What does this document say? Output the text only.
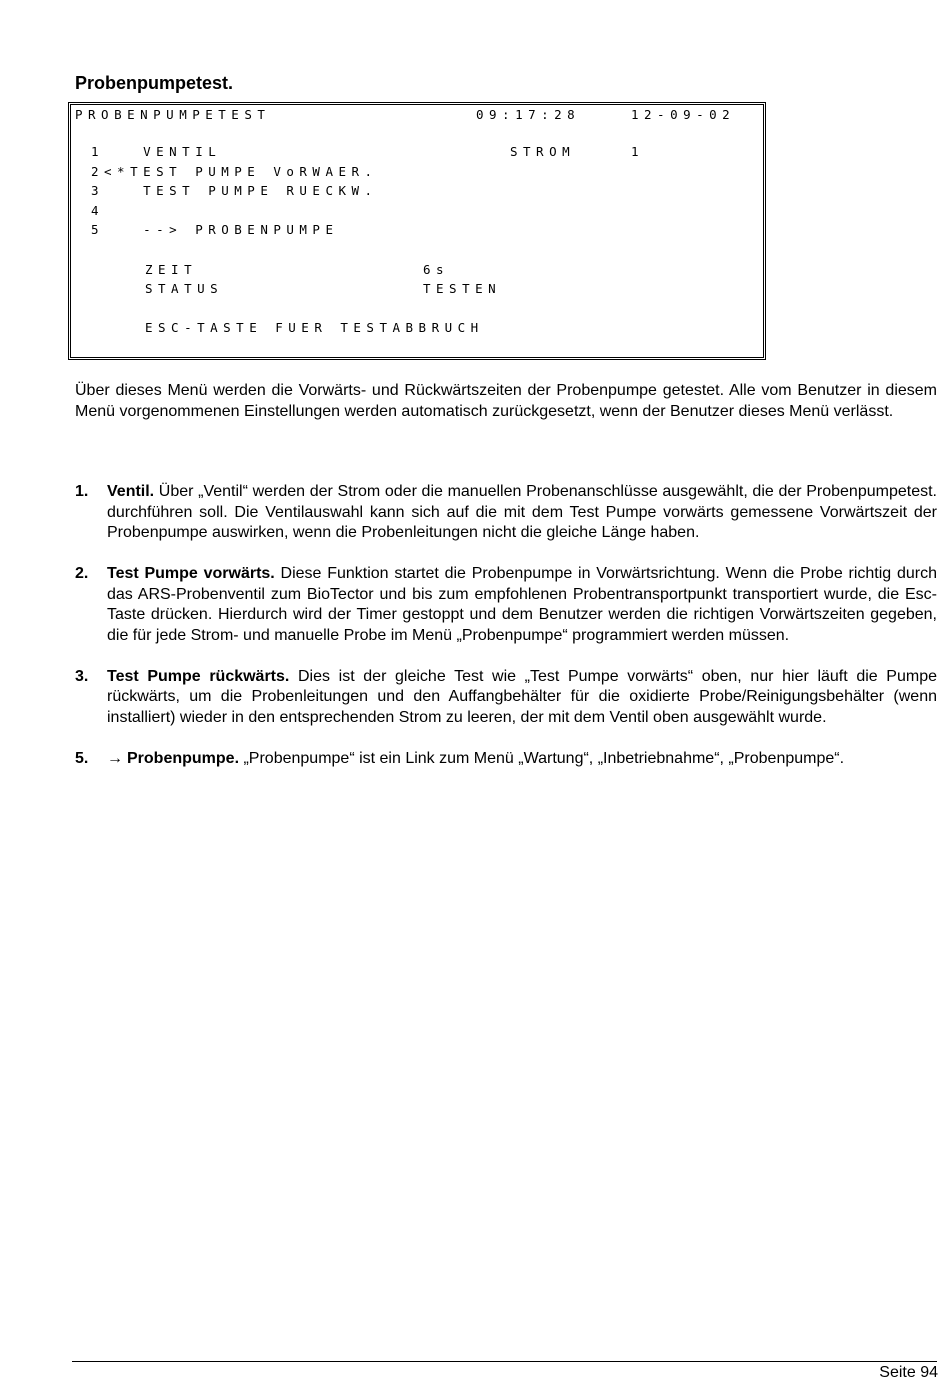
Probenpumpetest.
PROBENPUMPETEST	09:17:28	12-09-02
1   VENTIL	STROM	1
2<*TEST PUMPE VoRWAER.
3   TEST PUMPE RUECKW.
4
5   --> PROBENPUMPE
ZEIT	6s
STATUS	TESTEN
ESC-TASTE FUER TESTABBRUCH

Über dieses Menü werden die Vorwärts- und Rückwärtszeiten der Probenpumpe getestet. Alle vom Benutzer in diesem Menü vorgenommenen Einstellungen werden automatisch zurückgesetzt, wenn der Benutzer dieses Menü verlässt.

1.	Ventil. Über „Ventil“ werden der Strom oder die manuellen Probenanschlüsse ausgewählt, die der Probenpumpetest. durchführen soll. Die Ventilauswahl kann sich auf die mit dem Test Pumpe vorwärts gemessene Vorwärtszeit der Probenpumpe auswirken, wenn die Probenleitungen nicht die gleiche Länge haben.
2.	Test Pumpe vorwärts. Diese Funktion startet die Probenpumpe in Vorwärtsrichtung. Wenn die Probe richtig durch das ARS-Probenventil zum BioTector und bis zum empfohlenen Probentransportpunkt transportiert wurde, die Esc-Taste drücken. Hierdurch wird der Timer gestoppt und dem Benutzer werden die richtigen Vorwärtszeiten gegeben, die für jede Strom- und manuelle Probe im Menü „Probenpumpe“ programmiert werden müssen.
3.	Test Pumpe rückwärts. Dies ist der gleiche Test wie „Test Pumpe vorwärts“ oben, nur hier läuft die Pumpe rückwärts, um die Probenleitungen und den Auffangbehälter für die oxidierte Probe/Reinigungsbehälter (wenn installiert) wieder in den entsprechenden Strom zu leeren, der mit dem Ventil oben ausgewählt wurde.
5.	→ Probenpumpe. „Probenpumpe“ ist ein Link zum Menü „Wartung“, „Inbetriebnahme“, „Probenpumpe“.
Seite 94
